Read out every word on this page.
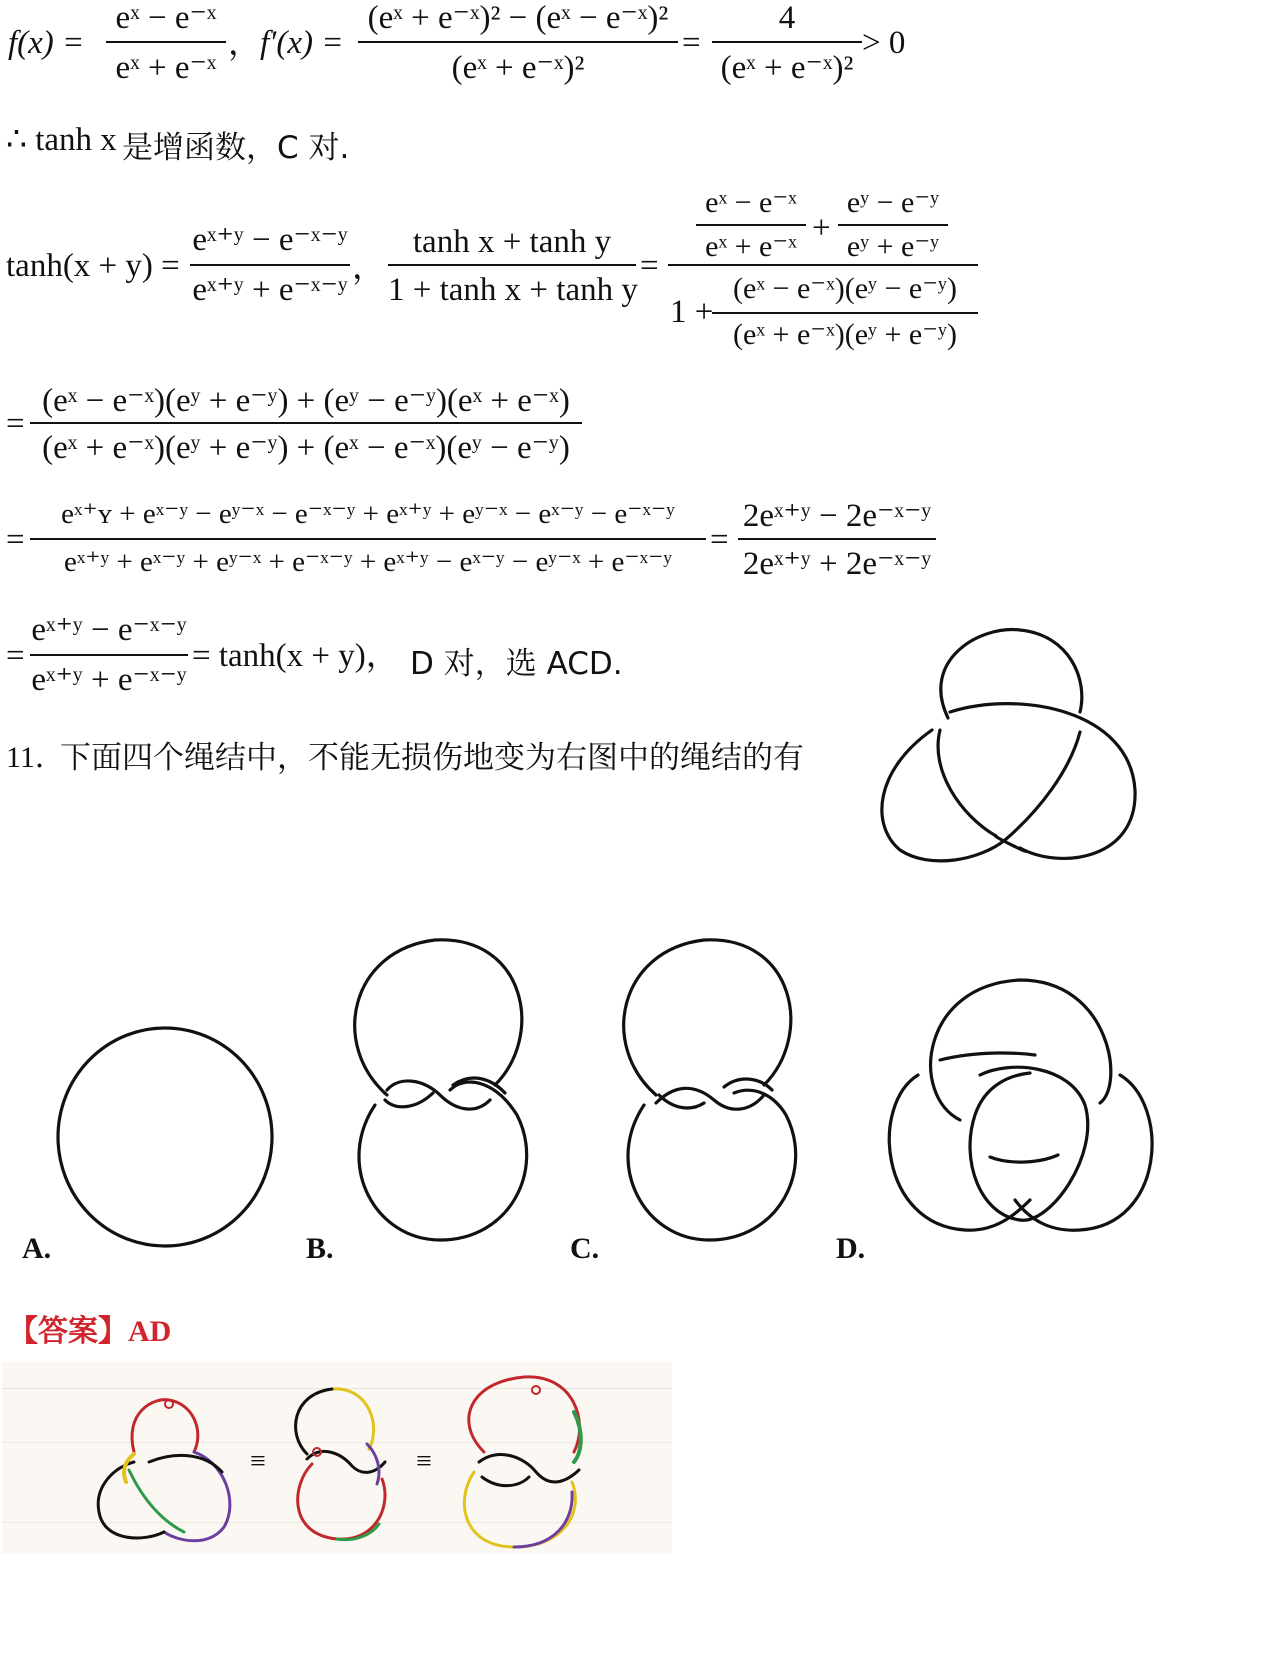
f(x) =
eˣ − e⁻ˣ
eˣ + e⁻ˣ
， f′(x) =
(eˣ + e⁻ˣ)² − (eˣ − e⁻ˣ)²
(eˣ + e⁻ˣ)²
=
4
(eˣ + e⁻ˣ)²
> 0
∴ tanh x 是增函数，C 对.
tanh(x + y) =
eˣ⁺ʸ − e⁻ˣ⁻ʸ
eˣ⁺ʸ + e⁻ˣ⁻ʸ
，
tanh x + tanh y
1 + tanh x + tanh y
=
eˣ − e⁻ˣ
eˣ + e⁻ˣ
+
eʸ − e⁻ʸ
eʸ + e⁻ʸ
1 +
(eˣ − e⁻ˣ)(eʸ − e⁻ʸ)
(eˣ + e⁻ˣ)(eʸ + e⁻ʸ)
=
(eˣ − e⁻ˣ)(eʸ + e⁻ʸ) + (eʸ − e⁻ʸ)(eˣ + e⁻ˣ)
(eˣ + e⁻ˣ)(eʸ + e⁻ʸ) + (eˣ − e⁻ˣ)(eʸ − e⁻ʸ)
=
eˣ⁺ʏ + eˣ⁻ʸ − eʸ⁻ˣ − e⁻ˣ⁻ʸ + eˣ⁺ʸ + eʸ⁻ˣ − eˣ⁻ʸ − e⁻ˣ⁻ʸ
eˣ⁺ʸ + eˣ⁻ʸ + eʸ⁻ˣ + e⁻ˣ⁻ʸ + eˣ⁺ʸ − eˣ⁻ʸ − eʸ⁻ˣ + e⁻ˣ⁻ʸ
=
2eˣ⁺ʸ − 2e⁻ˣ⁻ʸ
2eˣ⁺ʸ + 2e⁻ˣ⁻ʸ
=
eˣ⁺ʸ − e⁻ˣ⁻ʸ
eˣ⁺ʸ + e⁻ˣ⁻ʸ
= tanh(x + y)， D 对，选 ACD.
11．
下面四个绳结中，不能无损伤地变为右图中的绳结的有
A.	B.	C.	D.
【答案】AD
≡	≡
